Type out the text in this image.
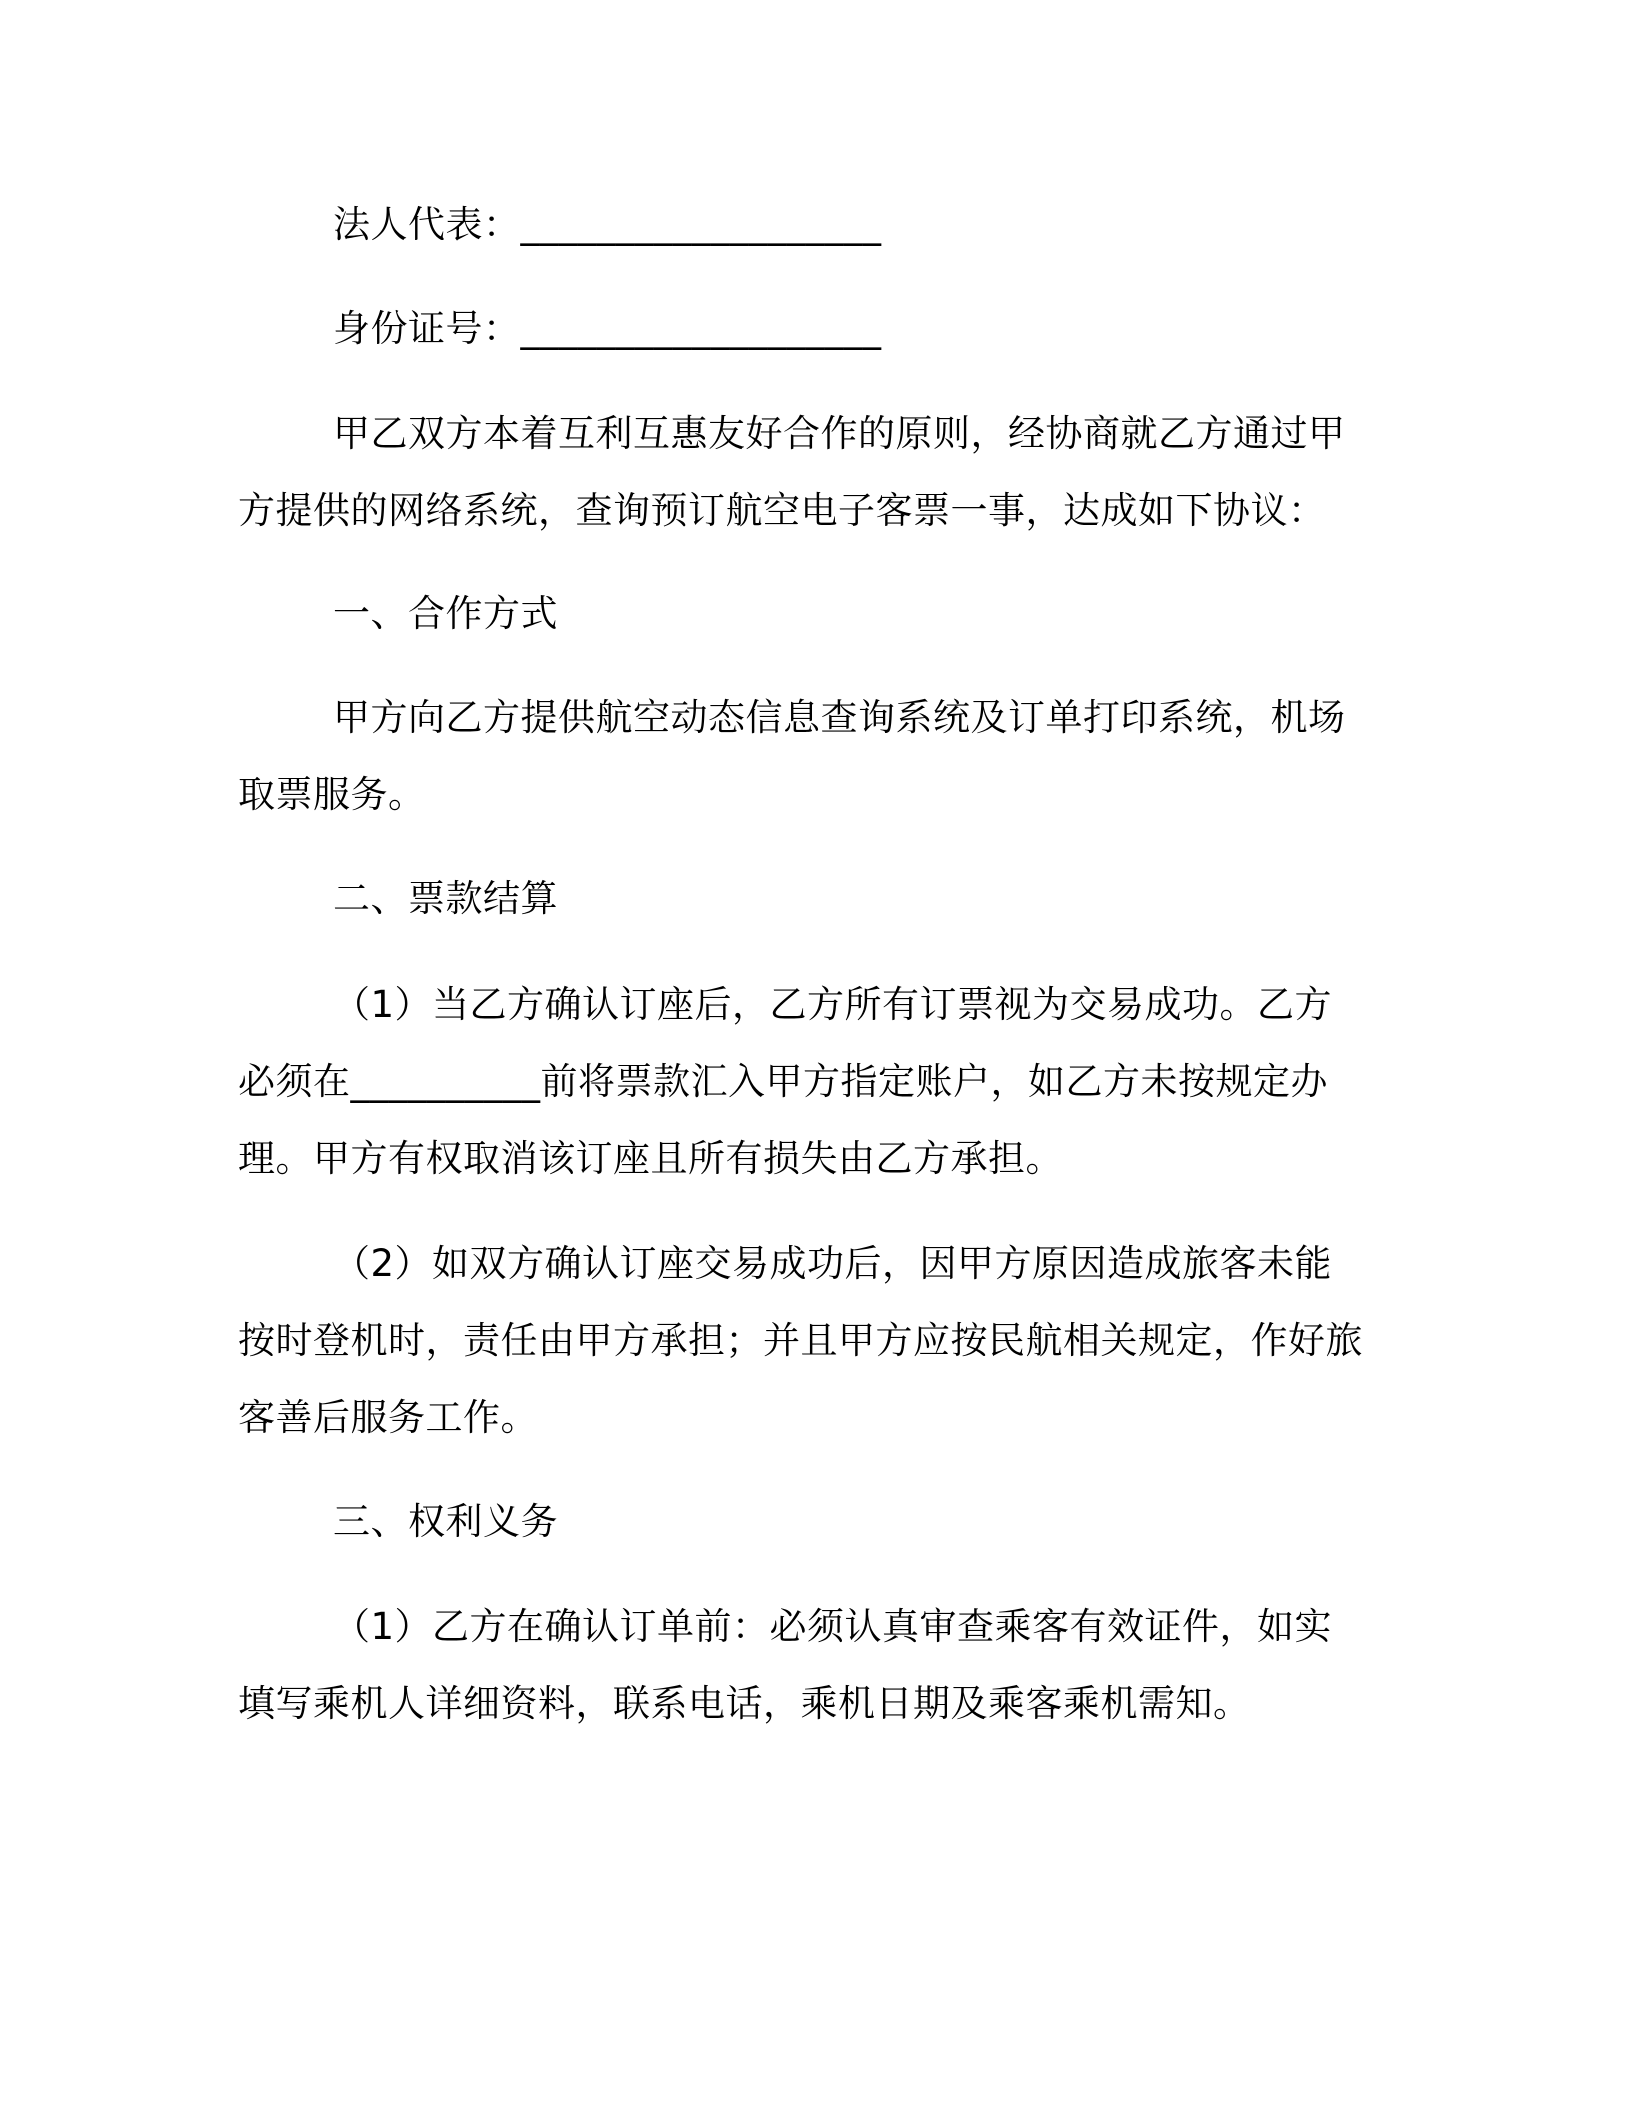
法人代表：___________________

身份证号：___________________

甲乙双方本着互利互惠友好合作的原则，经协商就乙方通过甲方提供的网络系统，查询预订航空电子客票一事，达成如下协议：

一、合作方式

甲方向乙方提供航空动态信息查询系统及订单打印系统，机场取票服务。

二、票款结算

（1）当乙方确认订座后，乙方所有订票视为交易成功。乙方必须在__________前将票款汇入甲方指定账户，如乙方未按规定办理。甲方有权取消该订座且所有损失由乙方承担。

（2）如双方确认订座交易成功后，因甲方原因造成旅客未能按时登机时，责任由甲方承担；并且甲方应按民航相关规定，作好旅客善后服务工作。

三、权利义务

（1）乙方在确认订单前：必须认真审查乘客有效证件，如实填写乘机人详细资料，联系电话，乘机日期及乘客乘机需知。
